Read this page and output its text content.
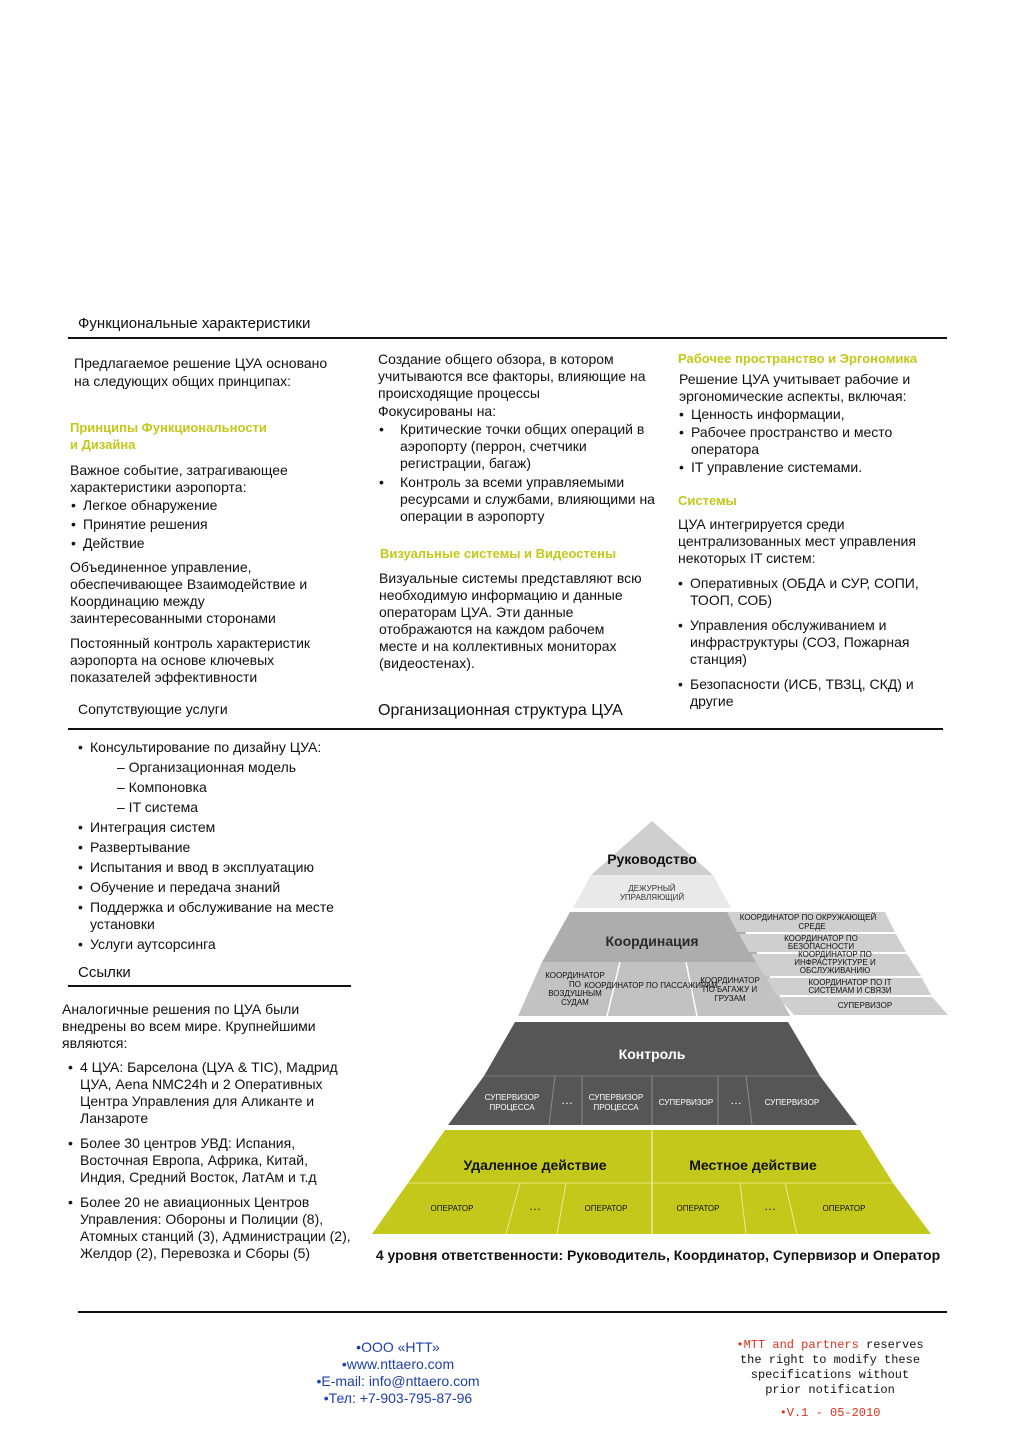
Функциональные характеристики
Предлагаемое решение ЦУА основано на следующих общих принципах:
Принципы Функциональности
и Дизайна
Важное событие, затрагивающее характеристики аэропорта:
• Легкое обнаружение
• Принятие решения
• Действие
Объединенное управление, обеспечивающее Взаимодействие и Координацию между заинтересованными сторонами
Постоянный контроль характеристик аэропорта на основе ключевых показателей эффективности
Создание общего обзора, в котором учитываются все факторы, влияющие на происходящие процессы
Фокусированы на:
• Критические точки общих операций в аэропорту (перрон, счетчики регистрации, багаж)
• Контроль за всеми управляемыми ресурсами и службами, влияющими на операции в аэропорту
Визуальные системы и Видеостены
Визуальные системы представляют всю необходимую информацию и данные операторам ЦУА. Эти данные отображаются на каждом рабочем месте и на коллективных мониторах (видеостенах).
Рабочее пространство и Эргономика
Решение ЦУА учитывает рабочие и эргономические аспекты, включая:
• Ценность информации,
• Рабочее пространство и место оператора
• IT управление системами.
Системы
ЦУА интегрируется среди централизованных мест управления некоторых IT систем:
• Оперативных (ОБДА и СУР, СОПИ, ТООП, СОБ)
• Управления обслуживанием и инфраструктуры (СОЗ, Пожарная станция)
• Безопасности (ИСБ, ТВЗЦ, СКД) и другие
Сопутствующие услуги	Организационная структура ЦУА
• Консультирование по дизайну ЦУА:
– Организационная модель
– Компоновка
– IT система
• Интеграция систем
• Развертывание
• Испытания и ввод в эксплуатацию
• Обучение и передача знаний
• Поддержка и обслуживание на месте установки
• Услуги аутсорсинга
Ссылки
Аналогичные решения по ЦУА были внедрены во всем мире. Крупнейшими являются:
• 4 ЦУА: Барселона (ЦУА & TIC), Мадрид ЦУА, Aena NMC24h и 2 Оперативных Центра Управления для Аликанте и Ланзароте
• Более 30 центров УВД: Испания, Восточная Европа, Африка, Китай, Индия, Средний Восток, ЛатАм и т.д
• Более 20 не авиационных Центров Управления: Обороны и Полиции (8), Атомных станций (3), Администрации (2), Желдор (2), Перевозка и Сборы (5)
Руководство
ДЕЖУРНЫЙ
УПРАВЛЯЮЩИЙ
Координация
КООРДИНАТОР
ПО
ВОЗДУШНЫМ
СУДАМ
КООРДИНАТОР ПО ПАССАЖИРАМ
КООРДИНАТОР
ПО БАГАЖУ И
ГРУЗАМ
КООРДИНАТОР ПО ОКРУЖАЮЩЕЙ
СРЕДЕ
КООРДИНАТОР ПО
БЕЗОПАСНОСТИ
КООРДИНАТОР ПО
ИНФРАСТРУКТУРЕ И
ОБСЛУЖИВАНИЮ
КООРДИНАТОР ПО IT
СИСТЕМАМ И СВЯЗИ
СУПЕРВИЗОР
Контроль
СУПЕРВИЗОР
ПРОЦЕССА
… СУПЕРВИЗОР
ПРОЦЕССА
СУПЕРВИЗОР …	СУПЕРВИЗОР
Удаленное действие	Местное действие
ОПЕРАТОР	…	ОПЕРАТОР	ОПЕРАТОР	…	ОПЕРАТОР
4 уровня ответственности: Руководитель, Координатор, Супервизор и Оператор
•ООО «НТТ»
•www.nttaero.com
•E-mail: info@nttaero.com
•Тел: +7-903-795-87-96
•MTT and partners reserves
the right to modify these
specifications without
prior notification
•V.1 - 05-2010
